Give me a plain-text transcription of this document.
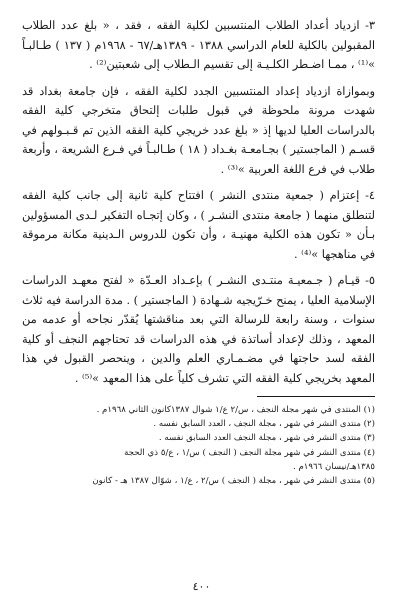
٣- ازدياد أعداد الطلاب المنتسبين لكلية الفقه ، فقد ، « بلغ عدد الطلاب المقبولين بالكلية للعام الدراسي ١٣٨٨ - ١٣٨٩هـ/٦٧ - ١٩٦٨م ( ١٣٧ ) طـالبـاً »⁽¹⁾ ، ممـا اضـطر الكلـيـة إلى تقسيم الـطلاب إلى شعبتين⁽²⁾ .

وبموازاة ازدياد إعداد المنتسبين الجدد لكلية الفقه ، فإن جامعة بغداد قد شهدت مرونة ملحوظة في قبول طلبات إلتحاق متخرجي كلية الفقه بالدراسات العليا لديها إذ « بلغ عدد خريجي كلية الفقه الذين تم قـبـولهم في قسـم ( الماجستير ) بجـامعـة بغـداد ( ١٨ ) طـالبـاً في فـرع الشريعة ، وأربعة طلاب في فرع اللغة العربية »⁽³⁾ .

٤- إعتزام ( جمعية منتدى النشر ) افتتاح كلية ثانية إلى جانب كلية الفقه لتنطلق منهما ( جامعة منتدى النشـر ) ، وكان إتجـاه التفكير لـدى المسؤولين بـأن « تكون هذه الكلية مهنيـة ، وأن تكون للدروس الـدينية مكانة مرموقة في مناهجها »⁽⁴⁾ .

٥- قيـام ( جـمعيـة منتـدى النشـر ) بإعـداد العـدّة « لفتح معهـد الدراسات الإسلامية العليا ، يمنح خـرّيجيه شـهادة ( الماجستير ) . مدة الدراسة فيه ثلاث سنوات ، وسنة رابعة للرسالة التي بعد مناقشتها يُقدّر نجاحه أو عدمه من المعهد ، وذلك لإعداد أساتذة في هذه الدراسات قد تحتاجهم النجف أو كلية الفقه لسد حاجتها في مضـمـاري العلم والدين ، وينحصر القبول في هذا المعهد بخريجي كلية الفقه التي تشرف كلياً على هذا المعهد »⁽⁵⁾ .

(١) المنتدى في شهر مجلة النجف ، س/٢ ع/١ شوال ١٣٨٧كانون الثاني ١٩٦٨م .
(٢) منتدى النشر في شهر ، مجلة النجف ، العدد السابق نفسه .
(٣) منتدى النشر في شهر ، مجلة النجف العدد السابق نفسه .
(٤) منتدى النشر في شهر مجلة النجف ( النجف ) س/١ ، ع/٥ ذي الحجة
١٣٨٥هـ/نيسان ١٩٦٦م .
(٥) منتدى النشر في شهر ، مجلة ( النجف ) س/٢ ، ع/١ ، شوّال ١٣٨٧ هـ - كانون
٤٠٠
